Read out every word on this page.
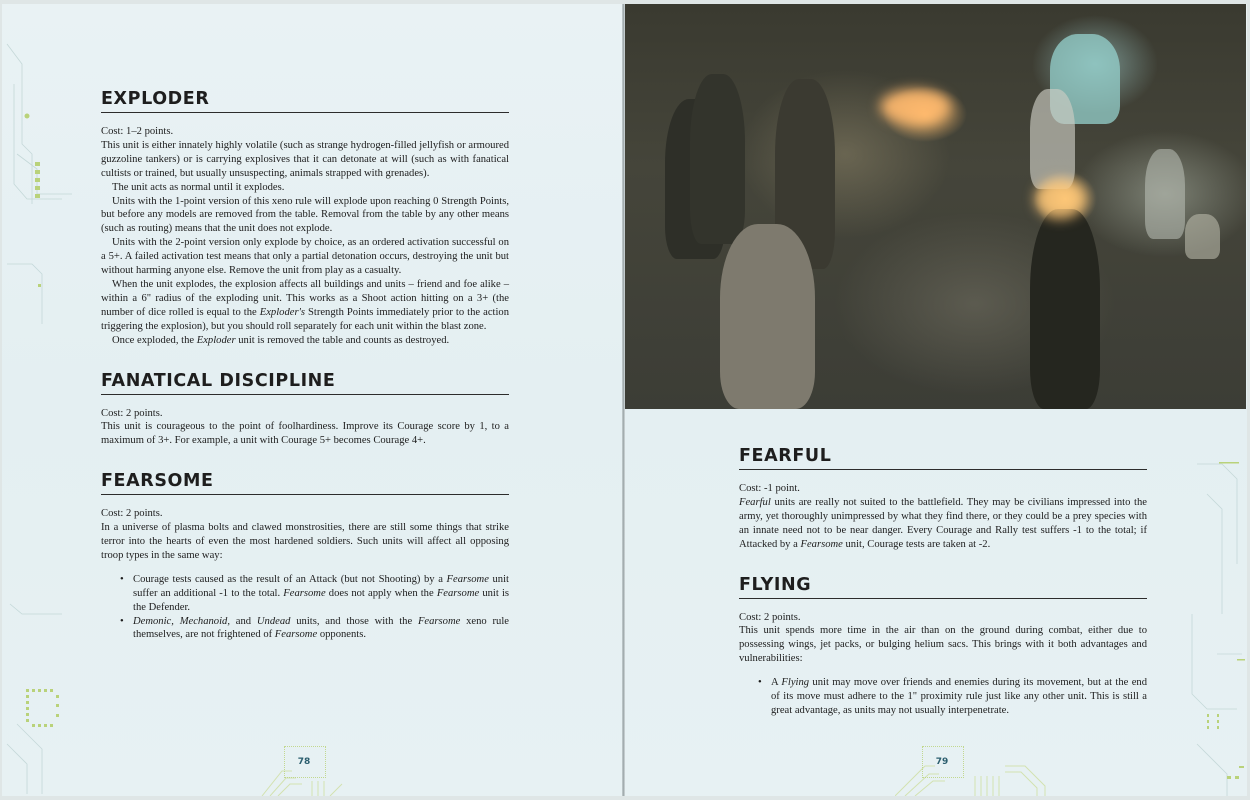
EXPLODER

Cost: 1–2 points.

This unit is either innately highly volatile (such as strange hydrogen-filled jellyfish or armoured guzzoline tankers) or is carrying explosives that it can detonate at will (such as with fanatical cultists or trained, but usually unsuspecting, animals strapped with grenades).

The unit acts as normal until it explodes.

Units with the 1-point version of this xeno rule will explode upon reaching 0 Strength Points, but before any models are removed from the table. Removal from the table by any other means (such as routing) means that the unit does not explode.

Units with the 2-point version only explode by choice, as an ordered activation successful on a 5+. A failed activation test means that only a partial detonation occurs, destroying the unit but without harming anyone else. Remove the unit from play as a casualty.

When the unit explodes, the explosion affects all buildings and units – friend and foe alike – within a 6" radius of the exploding unit. This works as a Shoot action hitting on a 3+ (the number of dice rolled is equal to the Exploder's Strength Points immediately prior to the action triggering the explosion), but you should roll separately for each unit within the blast zone.

Once exploded, the Exploder unit is removed the table and counts as destroyed.

FANATICAL DISCIPLINE

Cost: 2 points.

This unit is courageous to the point of foolhardiness. Improve its Courage score by 1, to a maximum of 3+. For example, a unit with Courage 5+ becomes Courage 4+.

FEARSOME

Cost: 2 points.

In a universe of plasma bolts and clawed monstrosities, there are still some things that strike terror into the hearts of even the most hardened soldiers. Such units will affect all opposing troop types in the same way:

• Courage tests caused as the result of an Attack (but not Shooting) by a Fearsome unit suffer an additional -1 to the total. Fearsome does not apply when the Fearsome unit is the Defender.
• Demonic, Mechanoid, and Undead units, and those with the Fearsome xeno rule themselves, are not frightened of Fearsome opponents.
78
FEARFUL

Cost: -1 point.

Fearful units are really not suited to the battlefield. They may be civilians impressed into the army, yet thoroughly unimpressed by what they find there, or they could be a prey species with an innate need not to be near danger. Every Courage and Rally test suffers -1 to the total; if Attacked by a Fearsome unit, Courage tests are taken at -2.

FLYING

Cost: 2 points.

This unit spends more time in the air than on the ground during combat, either due to possessing wings, jet packs, or bulging helium sacs. This brings with it both advantages and vulnerabilities:

• A Flying unit may move over friends and enemies during its movement, but at the end of its move must adhere to the 1" proximity rule just like any other unit. This is still a great advantage, as units may not usually interpenetrate.
79
